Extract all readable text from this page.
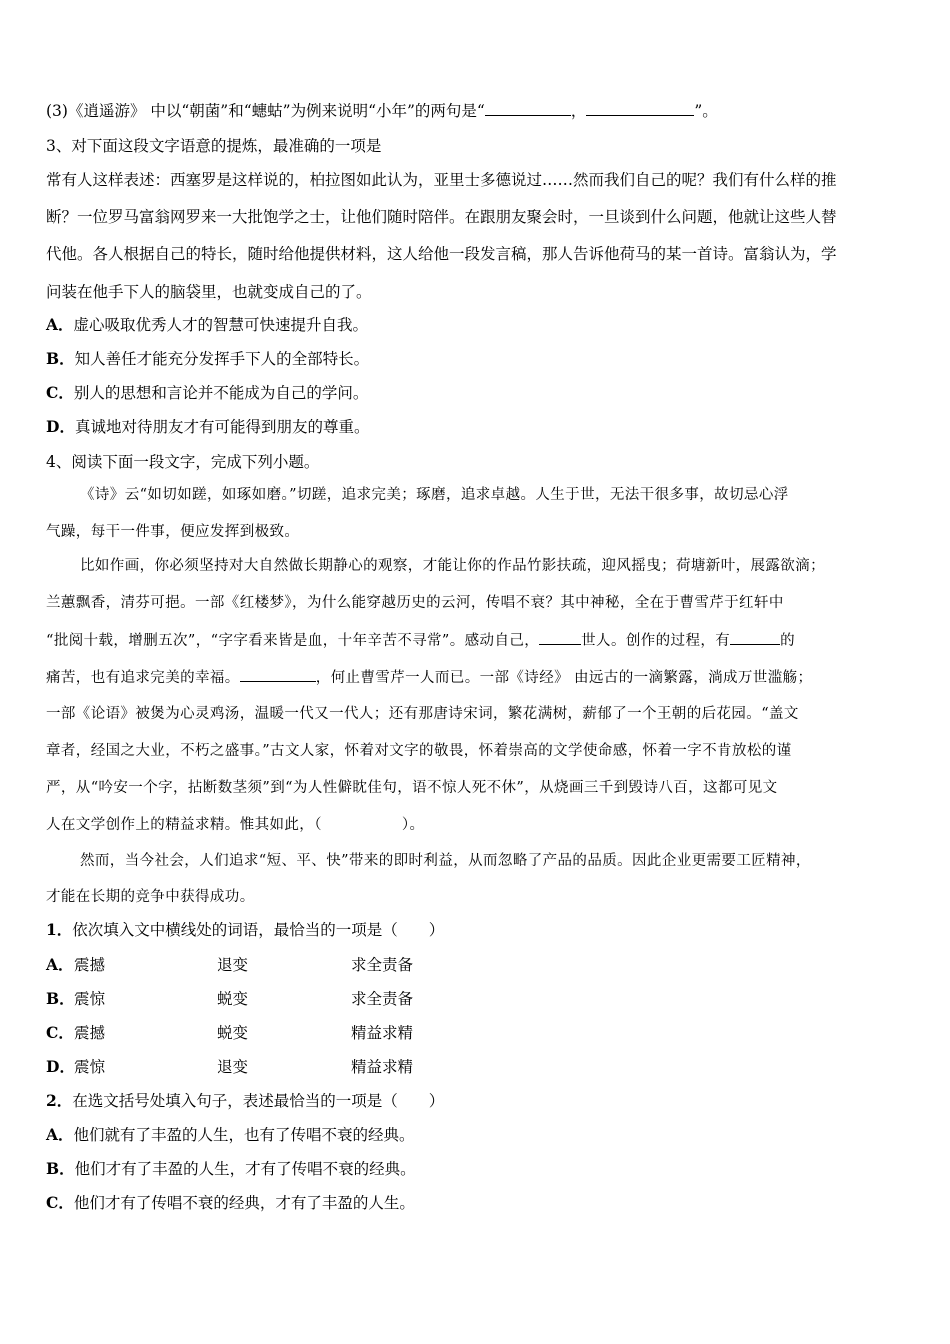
(3)《逍遥游》 中以“朝菌”和“蟪蛄”为例来说明“小年”的两句是“	，	”。
3、对下面这段文字语意的提炼，最准确的一项是
常有人这样表述：西塞罗是这样说的，柏拉图如此认为，亚里士多德说过……然而我们自己的呢？我们有什么样的推
断？一位罗马富翁网罗来一大批饱学之士，让他们随时陪伴。在跟朋友聚会时，一旦谈到什么问题，他就让这些人替
代他。各人根据自己的特长，随时给他提供材料，这人给他一段发言稿，那人告诉他荷马的某一首诗。富翁认为，学
问装在他手下人的脑袋里，也就变成自己的了。
A．虚心吸取优秀人才的智慧可快速提升自我。
B．知人善任才能充分发挥手下人的全部特长。
C．别人的思想和言论并不能成为自己的学问。
D．真诚地对待朋友才有可能得到朋友的尊重。
4、阅读下面一段文字，完成下列小题。
《诗》云“如切如蹉，如琢如磨。”切蹉，追求完美；琢磨，追求卓越。人生于世，无法干很多事，故切忌心浮
气躁，每干一件事，便应发挥到极致。
比如作画，你必须坚持对大自然做长期静心的观察，才能让你的作品竹影扶疏，迎风摇曳；荷塘新叶，展露欲滴；
兰蕙飘香，清芬可挹。一部《红楼梦》，为什么能穿越历史的云河，传唱不衰？其中神秘，全在于曹雪芹于红轩中
“批阅十载，增删五次”，“字字看来皆是血，十年辛苦不寻常”。感动自己，	世人。创作的过程，有	的
痛苦，也有追求完美的幸福。	，何止曹雪芹一人而已。一部《诗经》 由远古的一滴繁露，淌成万世滥觞；
一部《论语》被煲为心灵鸡汤，温暖一代又一代人；还有那唐诗宋词，繁花满树，薪郁了一个王朝的后花园。“盖文
章者，经国之大业，不朽之盛事。”古文人家，怀着对文字的敬畏，怀着崇高的文学使命感，怀着一字不肯放松的谨
严，从“吟安一个字，拈断数茎须”到“为人性僻眈佳句，语不惊人死不休”，从烧画三千到毁诗八百，这都可见文
人在文学创作上的精益求精。惟其如此，（	）。
然而，当今社会，人们追求“短、平、快”带来的即时利益，从而忽略了产品的品质。因此企业更需要工匠精神，
才能在长期的竞争中获得成功。
1．依次填入文中横线处的词语，最恰当的一项是（　　）
A． 震撼	退变	求全责备
B． 震惊	蜕变	求全责备
C． 震撼	蜕变	精益求精
D． 震惊	退变	精益求精
2．在选文括号处填入句子，表述最恰当的一项是（　　）
A．他们就有了丰盈的人生，也有了传唱不衰的经典。
B．他们才有了丰盈的人生，才有了传唱不衰的经典。
C．他们才有了传唱不衰的经典，才有了丰盈的人生。
